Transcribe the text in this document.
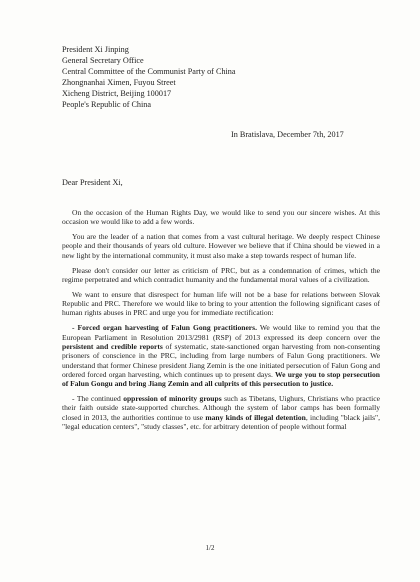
President Xi Jinping
General Secretary Office
Central Committee of the Communist Party of China
Zhongnanhai Ximen, Fuyou Street
Xicheng District, Beijing 100017
People's Republic of China
In Bratislava, December 7th, 2017
Dear President Xi,

On the occasion of the Human Rights Day, we would like to send you our sincere wishes. At this occasion we would like to add a few words.

You are the leader of a nation that comes from a vast cultural heritage. We deeply respect Chinese people and their thousands of years old culture. However we believe that if China should be viewed in a new light by the international community, it must also make a step towards respect of human life.

Please don't consider our letter as criticism of PRC, but as a condemnation of crimes, which the regime perpetrated and which contradict humanity and the fundamental moral values of a civilization.

We want to ensure that disrespect for human life will not be a base for relations between Slovak Republic and PRC. Therefore we would like to bring to your attention the following significant cases of human rights abuses in PRC and urge you for immediate rectification:

- Forced organ harvesting of Falun Gong practitioners. We would like to remind you that the European Parliament in Resolution 2013/2981 (RSP) of 2013 expressed its deep concern over the persistent and credible reports of systematic, state-sanctioned organ harvesting from non-consenting prisoners of conscience in the PRC, including from large numbers of Falun Gong practitioners. We understand that former Chinese president Jiang Zemin is the one initiated persecution of Falun Gong and ordered forced organ harvesting, which continues up to present days. We urge you to stop persecution of Falun Gongu and bring Jiang Zemin and all culprits of this persecution to justice.

- The continued oppression of minority groups such as Tibetans, Uighurs, Christians who practice their faith outside state-supported churches. Although the system of labor camps has been formally closed in 2013, the authorities continue to use many kinds of illegal detention, including "black jails", "legal education centers", "study classes", etc. for arbitrary detention of people without formal

1/2
